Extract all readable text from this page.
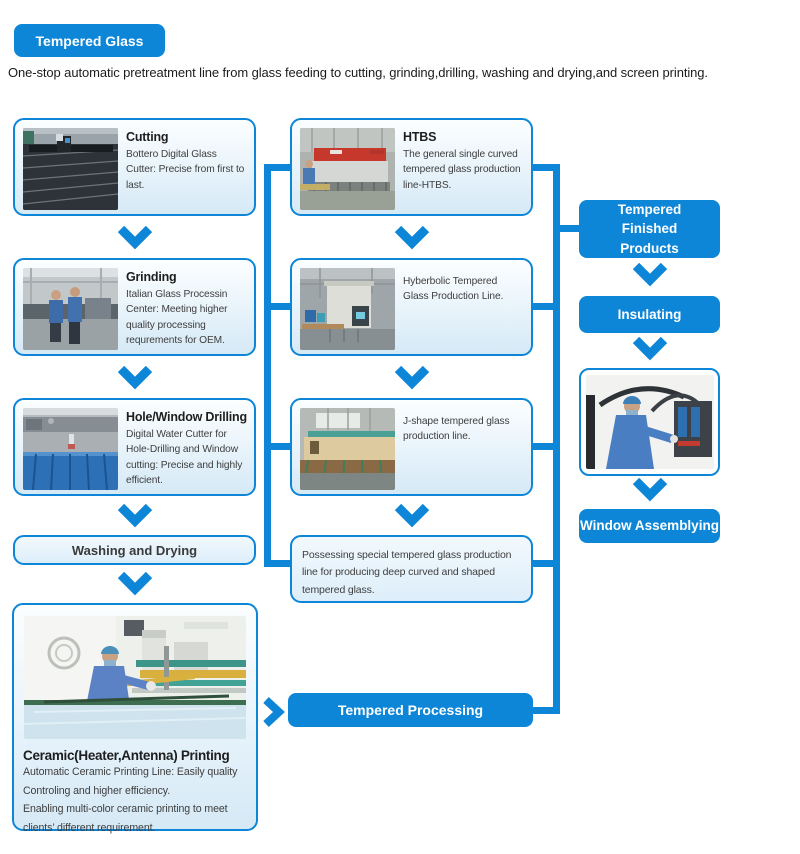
Tempered Glass
One-stop automatic pretreatment line from glass feeding to cutting, grinding,drilling, washing and drying,and screen printing.
Cutting
Bottero Digital Glass Cutter: Precise from first to last.
Grinding
Italian Glass Processin Center: Meeting higher quality processing requrements for OEM.
Hole/Window Drilling
Digital Water Cutter for Hole-Drilling and Window cutting: Precise and highly efficient.
Washing and Drying
Ceramic(Heater,Antenna) Printing
Automatic Ceramic Printing Line: Easily quality Controling and higher efficiency.
Enabling multi-color ceramic printing to meet clients’ different requirement.
HTBS
The general single curved tempered glass production line-HTBS.
Hyberbolic Tempered Glass Production Line.
J-shape tempered glass production line.
Possessing special tempered glass production line for producing deep curved and shaped tempered glass.
Tempered Processing
Tempered Finished Products
Insulating
Window Assemblying
